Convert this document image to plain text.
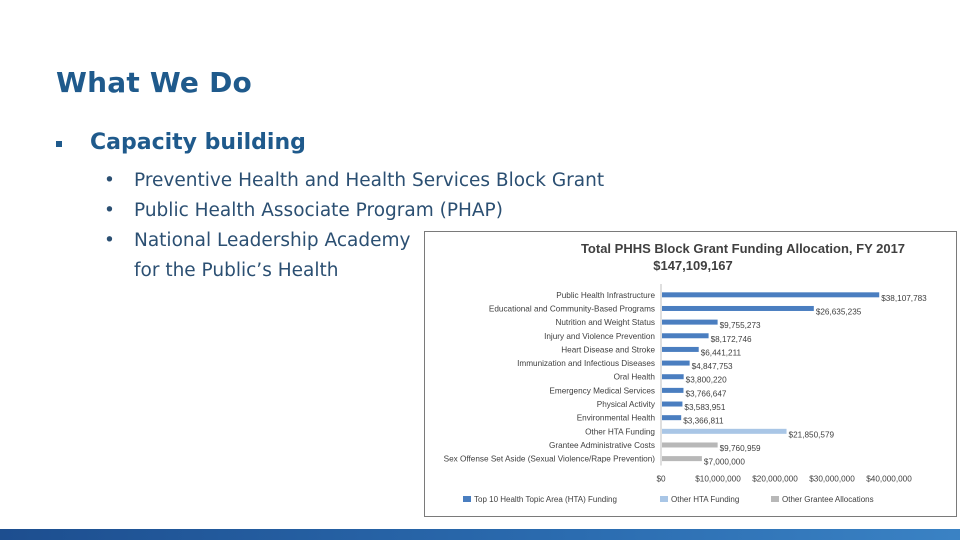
What We Do
Capacity building
•	Preventive Health and Health Services Block Grant
•	Public Health Associate Program (PHAP)
•	National Leadership Academy
for the Public’s Health
Total PHHS Block Grant Funding Allocation, FY 2017
$147,109,167
Public Health Infrastructure	$38,107,783
Educational and Community-Based Programs	$26,635,235
Nutrition and Weight Status	$9,755,273
Injury and Violence Prevention	$8,172,746
Heart Disease and Stroke	$6,441,211
Immunization and Infectious Diseases	$4,847,753
Oral Health	$3,800,220
Emergency Medical Services	$3,766,647
Physical Activity	$3,583,951
Environmental Health	$3,366,811
Other HTA Funding	$21,850,579
Grantee Administrative Costs	$9,760,959
Sex Offense Set Aside (Sexual Violence/Rape Prevention)	$7,000,000
$0	$10,000,000 $20,000,000 $30,000,000 $40,000,000
Top 10 Health Topic Area (HTA) Funding	Other HTA Funding	Other Grantee Allocations
